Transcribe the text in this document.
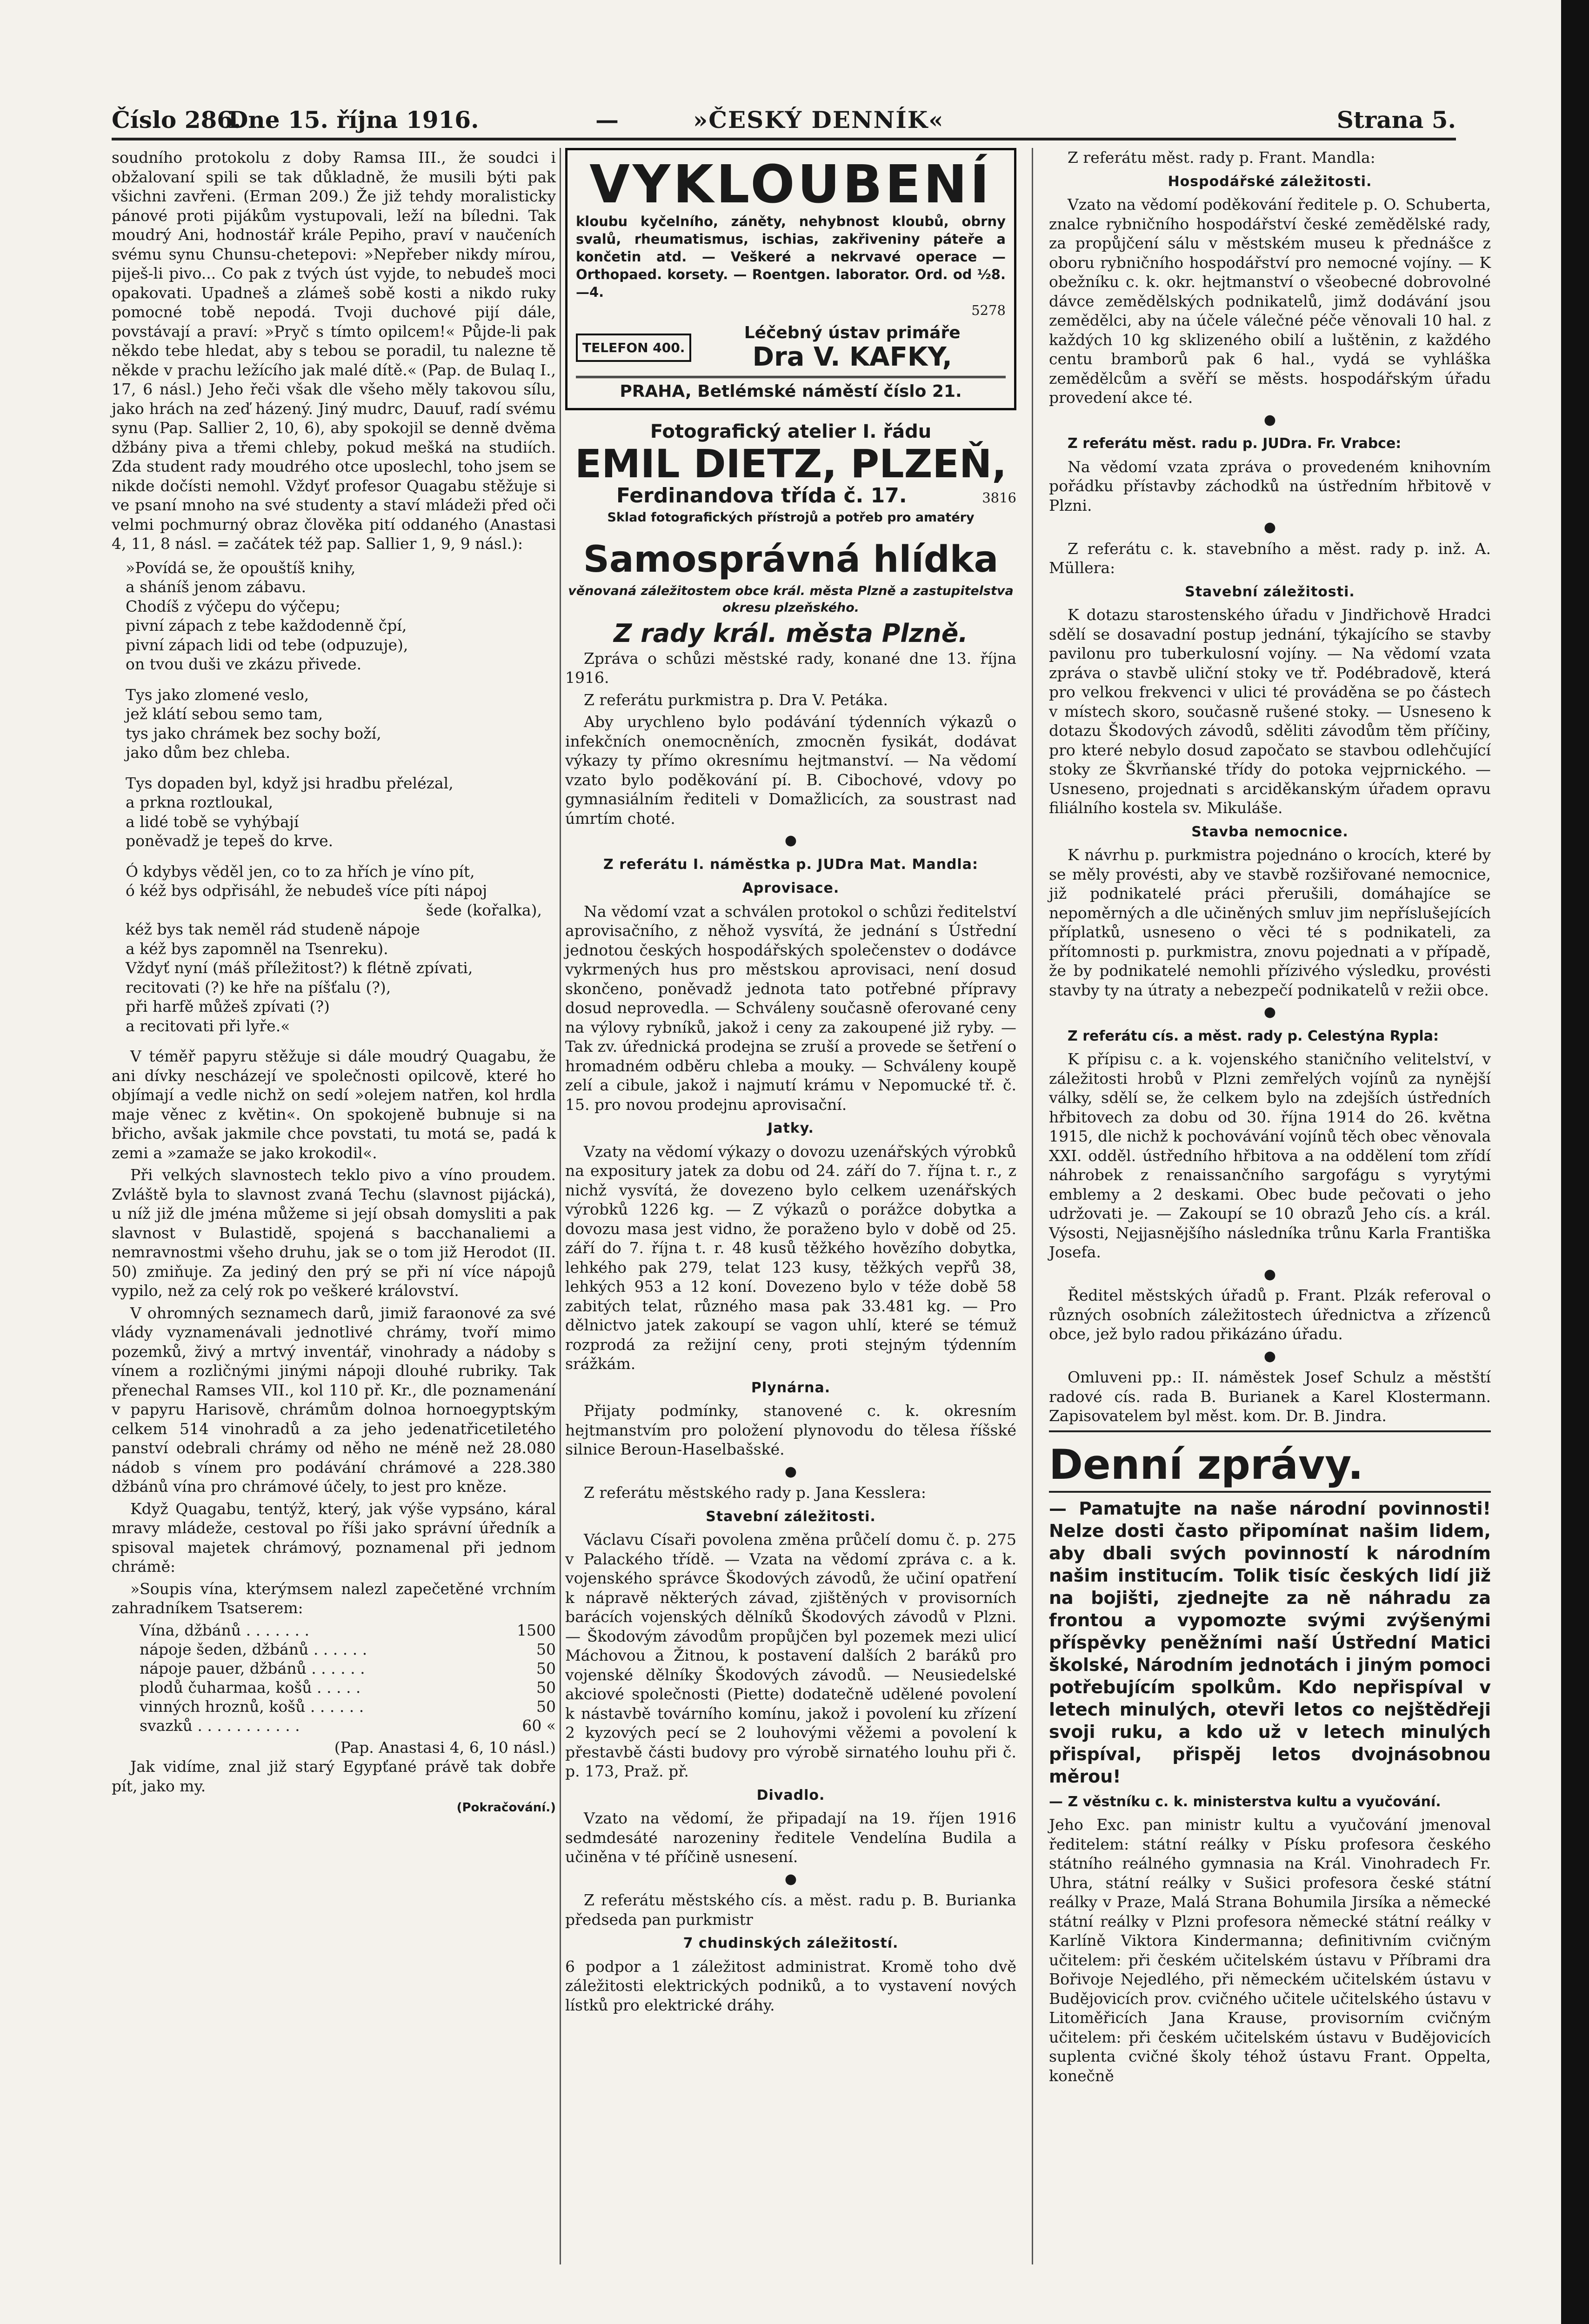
Číslo 286.
Dne 15. října 1916.	—	»ČESKÝ DENNÍK«	Strana 5.

soudního protokolu z doby Ramsa III., že soudci i obžalovaní spili se tak důkladně, že musili býti pak všichni zavřeni. (Erman 209.) Že již tehdy moralisticky pánové proti pijákům vystupovali, leží na bíledni. Tak moudrý Ani, hodnostář krále Pepiho, praví v naučeních svému synu Chunsu-chetepovi: »Nepřeber nikdy mírou, piješ-li pivo... Co pak z tvých úst vyjde, to nebudeš moci opakovati. Upadneš a zlámeš sobě kosti a nikdo ruky pomocné tobě nepodá. Tvoji duchové pijí dále, povstávají a praví: »Pryč s tímto opilcem!« Půjde-li pak někdo tebe hledat, aby s tebou se poradil, tu nalezne tě někde v prachu ležícího jak malé dítě.« (Pap. de Bulaq I., 17, 6 násl.) Jeho řeči však dle všeho měly takovou sílu, jako hrách na zeď házený. Jiný mudrc, Dauuf, radí svému synu (Pap. Sallier 2, 10, 6), aby spokojil se denně dvěma džbány piva a třemi chleby, pokud mešká na studiích. Zda student rady moudrého otce uposlechl, toho jsem se nikde dočísti nemohl. Vždyť profesor Quagabu stěžuje si ve psaní mnoho na své studenty a staví mládeži před oči velmi pochmurný obraz člověka pití oddaného (Anastasi 4, 11, 8 násl. = začátek též pap. Sallier 1, 9, 9 násl.):

»Povídá se, že opouštíš knihy,
a sháníš jenom zábavu.
Chodíš z výčepu do výčepu;
pivní zápach z tebe každodenně čpí,
pivní zápach lidi od tebe (odpuzuje),
on tvou duši ve zkázu přivede.
Tys jako zlomené veslo,
jež klátí sebou semo tam,
tys jako chrámek bez sochy boží,
jako dům bez chleba.
Tys dopaden byl, když jsi hradbu přelézal,
a prkna roztloukal,
a lidé tobě se vyhýbají
poněvadž je tepeš do krve.
Ó kdybys věděl jen, co to za hřích je víno pít,
ó kéž bys odpřisáhl, že nebudeš více píti nápoj
šede (kořalka),
kéž bys tak neměl rád studeně nápoje
a kéž bys zapomněl na Tsenreku).
Vždyť nyní (máš příležitost?) k flétně zpívati,
recitovati (?) ke hře na píšťalu (?),
při harfě můžeš zpívati (?)
a recitovati při lyře.«

V téměř papyru stěžuje si dále moudrý Quagabu, že ani dívky nescházejí ve společnosti opilcově, které ho objímají a vedle nichž on sedí »olejem natřen, kol hrdla maje věnec z květin«. On spokojeně bubnuje si na břicho, avšak jakmile chce povstati, tu motá se, padá k zemi a »zamaže se jako krokodil«.

Při velkých slavnostech teklo pivo a víno proudem. Zvláště byla to slavnost zvaná Techu (slavnost pijácká), u níž již dle jména můžeme si její obsah domysliti a pak slavnost v Bulastidě, spojená s bacchanaliemi a nemravnostmi všeho druhu, jak se o tom již Herodot (II. 50) zmiňuje. Za jediný den prý se při ní více nápojů vypilo, než za celý rok po veškeré království.

V ohromných seznamech darů, jimiž faraonové za své vlády vyznamenávali jednotlivé chrámy, tvoří mimo pozemků, živý a mrtvý inventář, vinohrady a nádoby s vínem a rozličnými jinými nápoji dlouhé rubriky. Tak přenechal Ramses VII., kol 110 př. Kr., dle poznamenání v papyru Harisově, chrámům dolnoa hornoegyptským celkem 514 vinohradů a za jeho jedenatřicetiletého panství odebrali chrámy od něho ne méně než 28.080 nádob s vínem pro podávání chrámové a 228.380 džbánů vína pro chrámové účely, to jest pro kněze.

Když Quagabu, tentýž, který, jak výše vypsáno, káral mravy mládeže, cestoval po říši jako správní úředník a spisoval majetek chrámový, poznamenal při jednom chrámě:

»Soupis vína, kterýmsem nalezl zapečetěné vrchním zahradníkem Tsatserem:

Vína, džbánů . . . . . . .	1500
nápoje šeden, džbánů . . . . . .	50
nápoje pauer, džbánů . . . . . .	50
plodů čuharmaa, košů . . . . .	50
vinných hroznů, košů . . . . . .	50
svazků . . . . . . . . . . .	60 «
(Pap. Anastasi 4, 6, 10 násl.)

Jak vidíme, znal již starý Egypťané právě tak dobře pít, jako my.

(Pokračování.)
VYKLOUBENÍ
kloubu kyčelního, záněty, nehybnost kloubů, obrny svalů, rheumatismus, ischias, zakřiveniny páteře a končetin atd. — Veškeré a nekrvavé operace — Orthopaed. korsety. — Roentgen. laborator. Ord. od ½8.—4.
5278
TELEFON 400.
Léčebný ústav primáře
Dra V. KAFKY,
PRAHA, Betlémské náměstí číslo 21.
Fotografický atelier I. řádu
EMIL DIETZ, PLZEŇ,
Ferdinandova třída č. 17.	3816
Sklad fotografických přístrojů a potřeb pro amatéry
Samosprávná hlídka
věnovaná záležitostem obce král. města Plzně a zastupitelstva okresu plzeňského.
Z rady král. města Plzně.

Zpráva o schůzi městské rady, konané dne 13. října 1916.

Z referátu purkmistra p. Dra V. Petáka.

Aby urychleno bylo podávání týdenních výkazů o infekčních onemocněních, zmocněn fysikát, dodávat výkazy ty přímo okresnímu hejtmanství. — Na vědomí vzato bylo poděkování pí. B. Cibochové, vdovy po gymnasiálním řediteli v Domažlicích, za soustrast nad úmrtím choté.

●
Z referátu I. náměstka p. JUDra Mat. Mandla:
Aprovisace.

Na vědomí vzat a schválen protokol o schůzi ředitelství aprovisačního, z něhož vysvítá, že jednání s Ústřední jednotou českých hospodářských společenstev o dodávce vykrmených hus pro městskou aprovisaci, není dosud skončeno, poněvadž jednota tato potřebné přípravy dosud neprovedla. — Schváleny současně oferované ceny na výlovy rybníků, jakož i ceny za zakoupené již ryby. — Tak zv. úřednická prodejna se zruší a provede se šetření o hromadném odběru chleba a mouky. — Schváleny koupě zelí a cibule, jakož i najmutí krámu v Nepomucké tř. č. 15. pro novou prodejnu aprovisační.

Jatky.

Vzaty na vědomí výkazy o dovozu uzenářských výrobků na expositury jatek za dobu od 24. září do 7. října t. r., z nichž vysvítá, že dovezeno bylo celkem uzenářských výrobků 1226 kg. — Z výkazů o porážce dobytka a dovozu masa jest vidno, že poraženo bylo v době od 25. září do 7. října t. r. 48 kusů těžkého hovězího dobytka, lehkého pak 279, telat 123 kusy, těžkých vepřů 38, lehkých 953 a 12 koní. Dovezeno bylo v téže době 58 zabitých telat, různého masa pak 33.481 kg. — Pro dělnictvo jatek zakoupí se vagon uhlí, které se témuž rozprodá za režijní ceny, proti stejným týdenním srážkám.

Plynárna.

Přijaty podmínky, stanovené c. k. okresním hejtmanstvím pro položení plynovodu do tělesa říšské silnice Beroun-Haselbašské.

●

Z referátu městského rady p. Jana Kesslera:

Stavební záležitosti.

Václavu Císaři povolena změna průčelí domu č. p. 275 v Palackého třídě. — Vzata na vědomí zpráva c. a k. vojenského správce Škodových závodů, že učiní opatření k nápravě některých závad, zjištěných v provisorních barácích vojenských dělníků Škodových závodů v Plzni. — Škodovým závodům propůjčen byl pozemek mezi ulicí Máchovou a Žitnou, k postavení dalších 2 baráků pro vojenské dělníky Škodových závodů. — Neusiedelské akciové společnosti (Piette) dodatečně udělené povolení k nástavbě továrního komínu, jakož i povolení ku zřízení 2 kyzových pecí se 2 louhovými věžemi a povolení k přestavbě části budovy pro výrobě sirnatého louhu při č. p. 173, Praž. př.

Divadlo.

Vzato na vědomí, že připadají na 19. říjen 1916 sedmdesáté narozeniny ředitele Vendelína Budila a učiněna v té příčině usnesení.

●

Z referátu městského cís. a měst. radu p. B. Burianka předseda pan purkmistr

7 chudinských záležitostí.

6 podpor a 1 záležitost administrat. Kromě toho dvě záležitosti elektrických podniků, a to vystavení nových lístků pro elektrické dráhy.

Z referátu měst. rady p. Frant. Mandla:

Hospodářské záležitosti.

Vzato na vědomí poděkování ředitele p. O. Schuberta, znalce rybničního hospodářství české zemědělské rady, za propůjčení sálu v městském museu k přednášce z oboru rybničního hospodářství pro nemocné vojíny. — K obežníku c. k. okr. hejtmanství o všeobecné dobrovolné dávce zemědělských podnikatelů, jimž dodávání jsou zemědělci, aby na účele válečné péče věnovali 10 hal. z každých 10 kg sklizeného obilí a luštěnin, z každého centu bramborů pak 6 hal., vydá se vyhláška zemědělcům a svěří se městs. hospodářským úřadu provedení akce té.

●
Z referátu měst. radu p. JUDra. Fr. Vrabce:

Na vědomí vzata zpráva o provedeném knihovním pořádku přístavby záchodků na ústředním hřbitově v Plzni.

●

Z referátu c. k. stavebního a měst. rady p. inž. A. Müllera:

Stavební záležitosti.

K dotazu starostenského úřadu v Jindřichově Hradci sdělí se dosavadní postup jednání, týkajícího se stavby pavilonu pro tuberkulosní vojíny. — Na vědomí vzata zpráva o stavbě uliční stoky ve tř. Podébradově, která pro velkou frekvenci v ulici té prováděna se po částech v místech skoro, současně rušené stoky. — Usneseno k dotazu Škodových závodů, sděliti závodům těm příčiny, pro které nebylo dosud započato se stavbou odlehčující stoky ze Škvrňanské třídy do potoka vejprnického. — Usneseno, projednati s arciděkanským úřadem opravu filiálního kostela sv. Mikuláše.

Stavba nemocnice.

K návrhu p. purkmistra pojednáno o krocích, které by se měly provésti, aby ve stavbě rozšiřované nemocnice, již podnikatelé práci přerušili, domáhajíce se nepoměrných a dle učiněných smluv jim nepříslušejících příplatků, usneseno o věci té s podnikateli, za přítomnosti p. purkmistra, znovu pojednati a v případě, že by podnikatelé nemohli přízivého výsledku, provésti stavby ty na útraty a nebezpečí podnikatelů v režii obce.

●
Z referátu cís. a měst. rady p. Celestýna Rypla:

K přípisu c. a k. vojenského staničního velitelství, v záležitosti hrobů v Plzni zemřelých vojínů za nynější války, sdělí se, že celkem bylo na zdejších ústředních hřbitovech za dobu od 30. října 1914 do 26. května 1915, dle nichž k pochovávání vojínů těch obec věnovala XXI. odděl. ústředního hřbitova a na oddělení tom zřídí náhrobek z renaissančního sargofágu s vyrytými emblemy a 2 deskami. Obec bude pečovati o jeho udržovati je. — Zakoupí se 10 obrazů Jeho cís. a král. Výsosti, Nejjasnějšího následníka trůnu Karla Františka Josefa.

●

Ředitel městských úřadů p. Frant. Plzák referoval o různých osobních záležitostech úřednictva a zřízenců obce, jež bylo radou přikázáno úřadu.

●

Omluveni pp.: II. náměstek Josef Schulz a městští radové cís. rada B. Burianek a Karel Klostermann. Zapisovatelem byl měst. kom. Dr. B. Jindra.

Denní zprávy.
— Pamatujte na naše národní povinnosti! Nelze dosti často připomínat našim lidem, aby dbali svých povinností k národním našim institucím. Tolik tisíc českých lidí již na bojišti, zjednejte za ně náhradu za frontou a vypomozte svými zvýšenými příspěvky peněžními naší Ústřední Matici školské, Národním jednotách i jiným pomoci potřebujícím spolkům. Kdo nepřispíval v letech minulých, otevři letos co nejštědřeji svoji ruku, a kdo už v letech minulých přispíval, přispěj letos dvojnásobnou měrou!
— Z věstníku c. k. ministerstva kultu a vyučování.

Jeho Exc. pan ministr kultu a vyučování jmenoval ředitelem: státní reálky v Písku profesora českého státního reálného gymnasia na Král. Vinohradech Fr. Uhra, státní reálky v Sušici profesora české státní reálky v Praze, Malá Strana Bohumila Jirsíka a německé státní reálky v Plzni profesora německé státní reálky v Karlíně Viktora Kindermanna; definitivním cvičným učitelem: při českém učitelském ústavu v Příbrami dra Bořivoje Nejedlého, při německém učitelském ústavu v Budějovicích prov. cvičného učitele učitelského ústavu v Litoměřicích Jana Krause, provisorním cvičným učitelem: při českém učitelském ústavu v Budějovicích suplenta cvičné školy téhož ústavu Frant. Oppelta, konečně
